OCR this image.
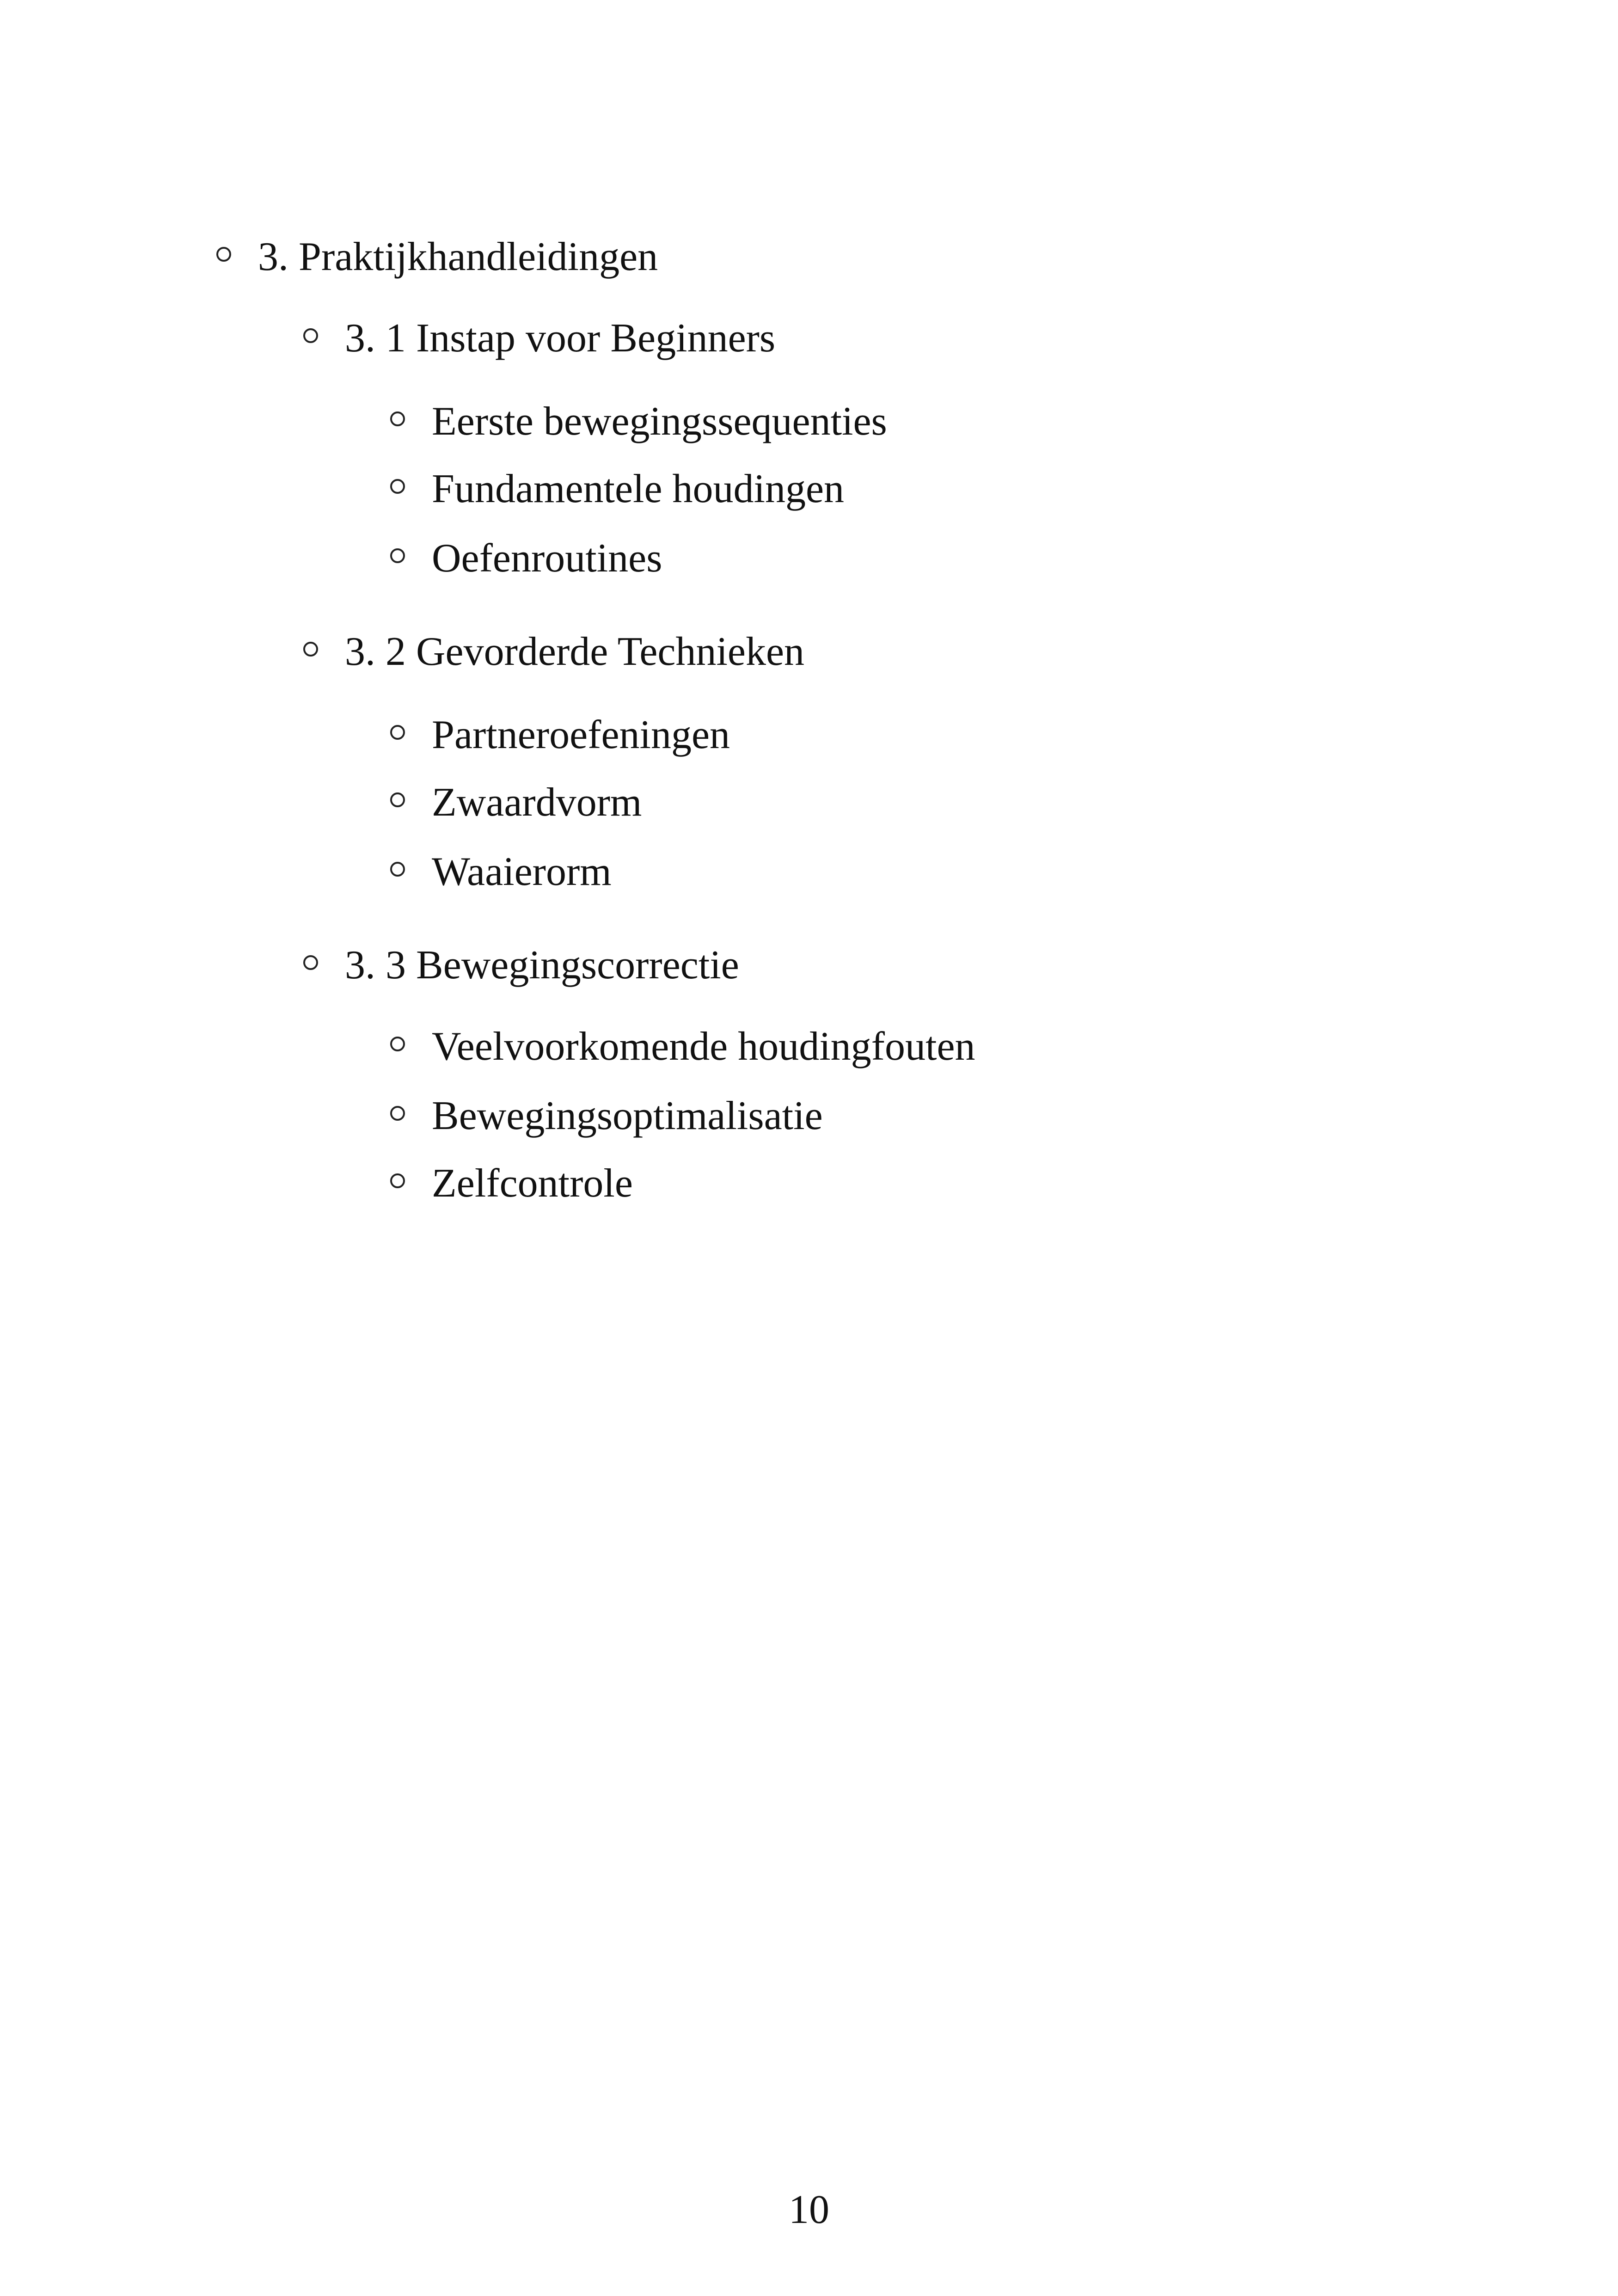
3. Praktijkhandleidingen
3. 1 Instap voor Beginners
Eerste bewegingssequenties
Fundamentele houdingen
Oefenroutines
3. 2 Gevorderde Technieken
Partneroefeningen
Zwaardvorm
Waaierorm
3. 3 Bewegingscorrectie
Veelvoorkomende houdingfouten
Bewegingsoptimalisatie
Zelfcontrole
10
